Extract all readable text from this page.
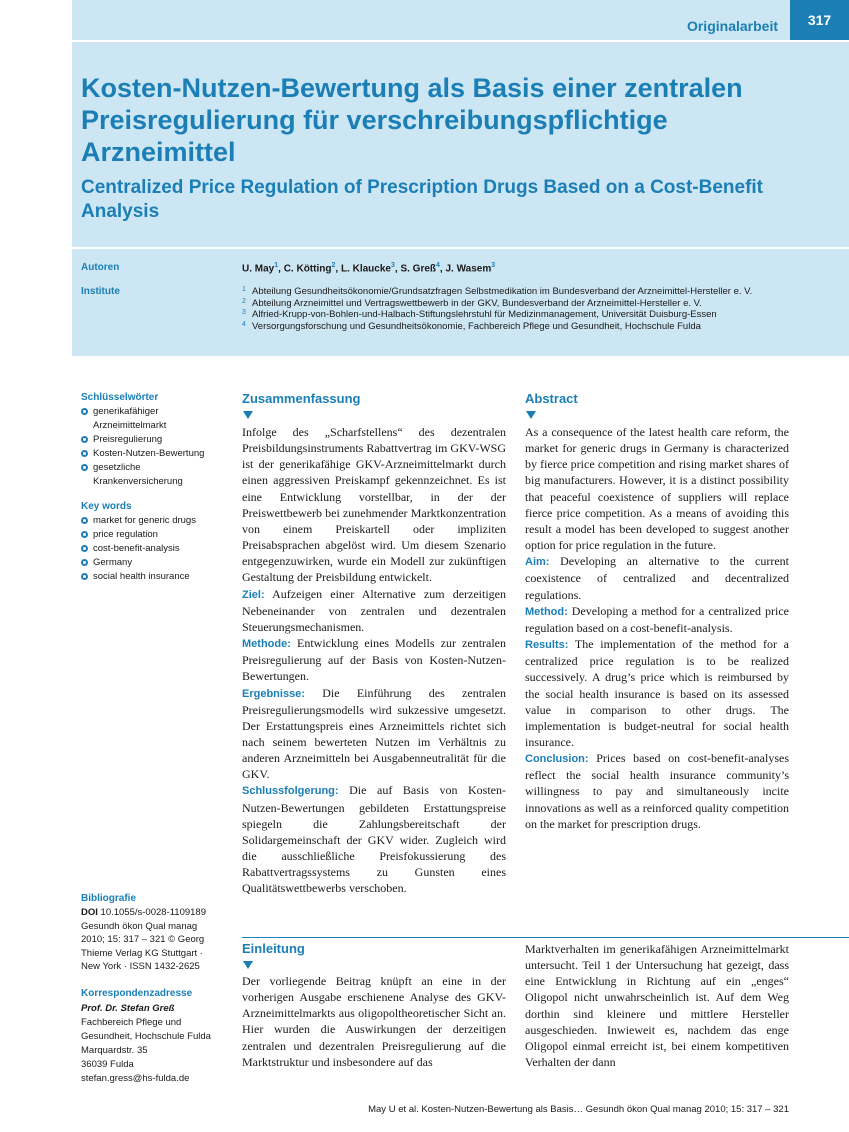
Originalarbeit	317
Kosten-Nutzen-Bewertung als Basis einer zentralen Preisregulierung für verschreibungspflichtige Arzneimittel
Centralized Price Regulation of Prescription Drugs Based on a Cost-Benefit Analysis
Autoren
Institute
U. May$^1$, C. Kötting$^2$, L. Klaucke$^3$, S. Greß$^4$, J. Wasem$^3$
1 Abteilung Gesundheitsökonomie/Grundsatzfragen Selbstmedikation im Bundesverband der Arzneimittel-Hersteller e. V.
2 Abteilung Arzneimittel und Vertragswettbewerb in der GKV, Bundesverband der Arzneimittel-Hersteller e. V.
3 Alfried-Krupp-von-Bohlen-und-Halbach-Stiftungslehrstuhl für Medizinmanagement, Universität Duisburg-Essen
4 Versorgungsforschung und Gesundheitsökonomie, Fachbereich Pflege und Gesundheit, Hochschule Fulda
Schlüsselwörter
generikafähiger Arzneimittelmarkt
Preisregulierung
Kosten-Nutzen-Bewertung
gesetzliche Krankenversicherung
Key words
market for generic drugs
price regulation
cost-benefit-analysis
Germany
social health insurance
Bibliografie
DOI 10.1055/s-0028-1109189
Gesundh ökon Qual manag
2010; 15: 317 – 321 © Georg
Thieme Verlag KG Stuttgart ·
New York · ISSN 1432-2625
Korrespondenzadresse
Prof. Dr. Stefan Greß
Fachbereich Pflege und
Gesundheit, Hochschule Fulda
Marquardstr. 35
36039 Fulda
stefan.gress@hs-fulda.de
Zusammenfassung

Infolge des „Scharfstellens“ des dezentralen Preisbildungsinstruments Rabattvertrag im GKV-WSG ist der generikafähige GKV-Arzneimittelmarkt durch einen aggressiven Preiskampf gekennzeichnet. Es ist eine Entwicklung vorstellbar, in der der Preiswettbewerb bei zunehmender Marktkonzentration von einem Preiskartell oder impliziten Preisabsprachen abgelöst wird. Um diesem Szenario entgegenzuwirken, wurde ein Modell zur zukünftigen Gestaltung der Preisbildung entwickelt.

Ziel: Aufzeigen einer Alternative zum derzeitigen Nebeneinander von zentralen und dezentralen Steuerungsmechanismen.

Methode: Entwicklung eines Modells zur zentralen Preisregulierung auf der Basis von Kosten-Nutzen-Bewertungen.

Ergebnisse: Die Einführung des zentralen Preisregulierungsmodells wird sukzessive umgesetzt. Der Erstattungspreis eines Arzneimittels richtet sich nach seinem bewerteten Nutzen im Verhältnis zu anderen Arzneimitteln bei Ausgabenneutralität für die GKV.

Schlussfolgerung: Die auf Basis von Kosten-Nutzen-Bewertungen gebildeten Erstattungspreise spiegeln die Zahlungsbereitschaft der Solidargemeinschaft der GKV wider. Zugleich wird die ausschließliche Preisfokussierung des Rabattvertragssystems zu Gunsten eines Qualitätswettbewerbs verschoben.

Abstract

As a consequence of the latest health care reform, the market for generic drugs in Germany is characterized by fierce price competition and rising market shares of big manufacturers. However, it is a distinct possibility that peaceful coexistence of suppliers will replace fierce price competition. As a means of avoiding this result a model has been developed to suggest another option for price regulation in the future.

Aim: Developing an alternative to the current coexistence of centralized and decentralized regulations.

Method: Developing a method for a centralized price regulation based on a cost-benefit-analysis.

Results: The implementation of the method for a centralized price regulation is to be realized successively. A drug’s price which is reimbursed by the social health insurance is based on its assessed value in comparison to other drugs. The implementation is budget-neutral for social health insurance.

Conclusion: Prices based on cost-benefit-analyses reflect the social health insurance community’s willingness to pay and simultaneously incite innovations as well as a reinforced quality competition on the market for prescription drugs.

Einleitung

Der vorliegende Beitrag knüpft an eine in der vorherigen Ausgabe erschienene Analyse des GKV-Arzneimittelmarkts aus oligopoltheoretischer Sicht an. Hier wurden die Auswirkungen der derzeitigen zentralen und dezentralen Preisregulierung auf die Marktstruktur und insbesondere auf das

Marktverhalten im generikafähigen Arzneimittelmarkt untersucht. Teil 1 der Untersuchung hat gezeigt, dass eine Entwicklung in Richtung auf ein „enges“ Oligopol nicht unwahrscheinlich ist. Auf dem Weg dorthin sind kleinere und mittlere Hersteller ausgeschieden. Inwieweit es, nachdem das enge Oligopol einmal erreicht ist, bei einem kompetitiven Verhalten der dann

May U et al. Kosten-Nutzen-Bewertung als Basis… Gesundh ökon Qual manag 2010; 15: 317 – 321
